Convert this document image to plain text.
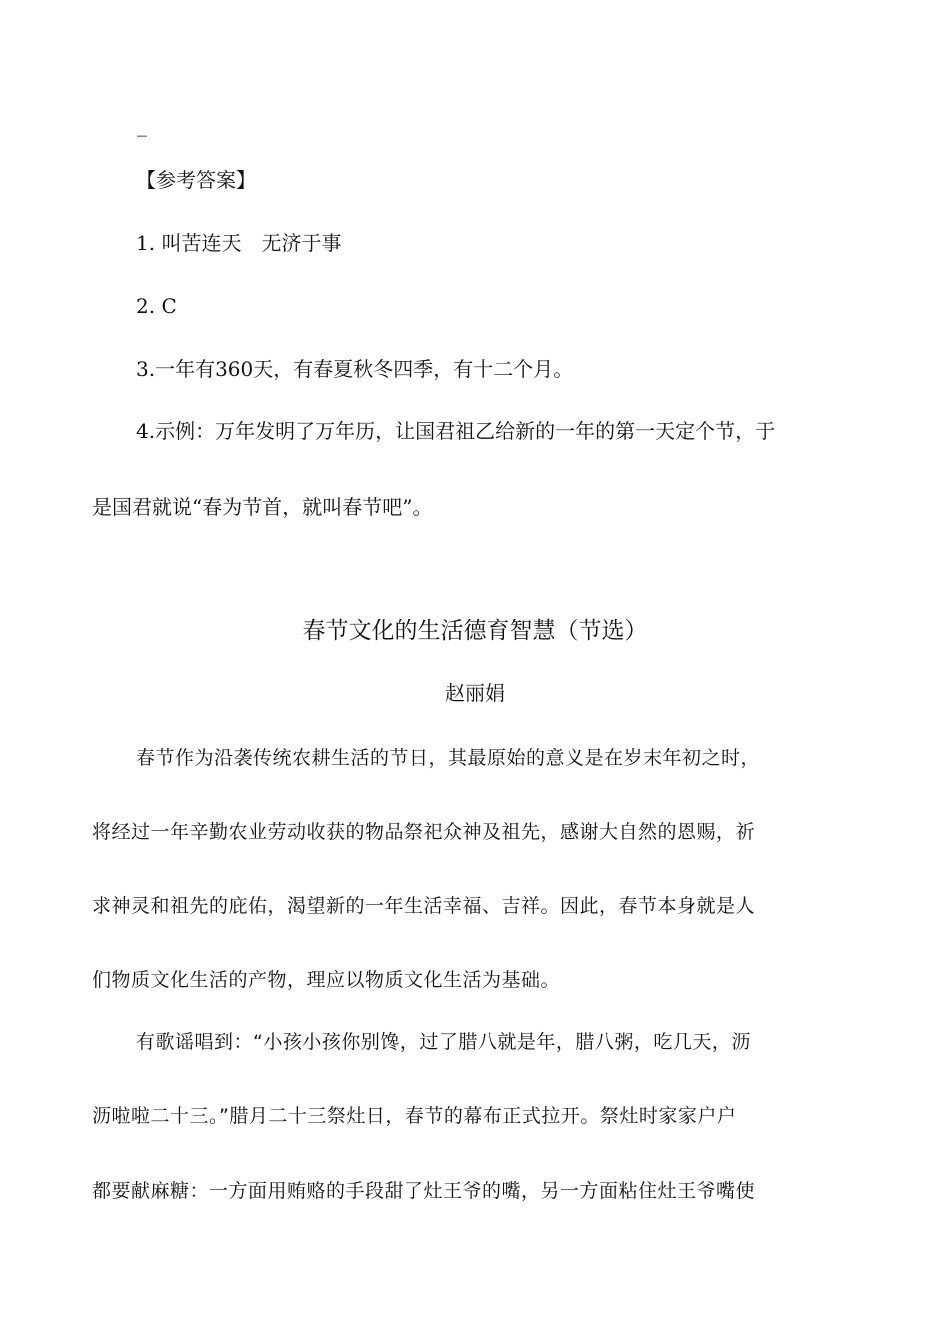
_
【参考答案】
1. 叫苦连天　无济于事
2. C
3.一年有360天，有春夏秋冬四季，有十二个月。
4.示例：万年发明了万年历，让国君祖乙给新的一年的第一天定个节，于
是国君就说“春为节首，就叫春节吧”。
春节文化的生活德育智慧（节选）
赵丽娟
春节作为沿袭传统农耕生活的节日，其最原始的意义是在岁末年初之时，
将经过一年辛勤农业劳动收获的物品祭祀众神及祖先，感谢大自然的恩赐，祈
求神灵和祖先的庇佑，渴望新的一年生活幸福、吉祥。因此，春节本身就是人
们物质文化生活的产物，理应以物质文化生活为基础。
有歌谣唱到：“小孩小孩你别馋，过了腊八就是年，腊八粥，吃几天，沥
沥啦啦二十三。”腊月二十三祭灶日，春节的幕布正式拉开。祭灶时家家户户
都要献麻糖：一方面用贿赂的手段甜了灶王爷的嘴，另一方面粘住灶王爷嘴使
